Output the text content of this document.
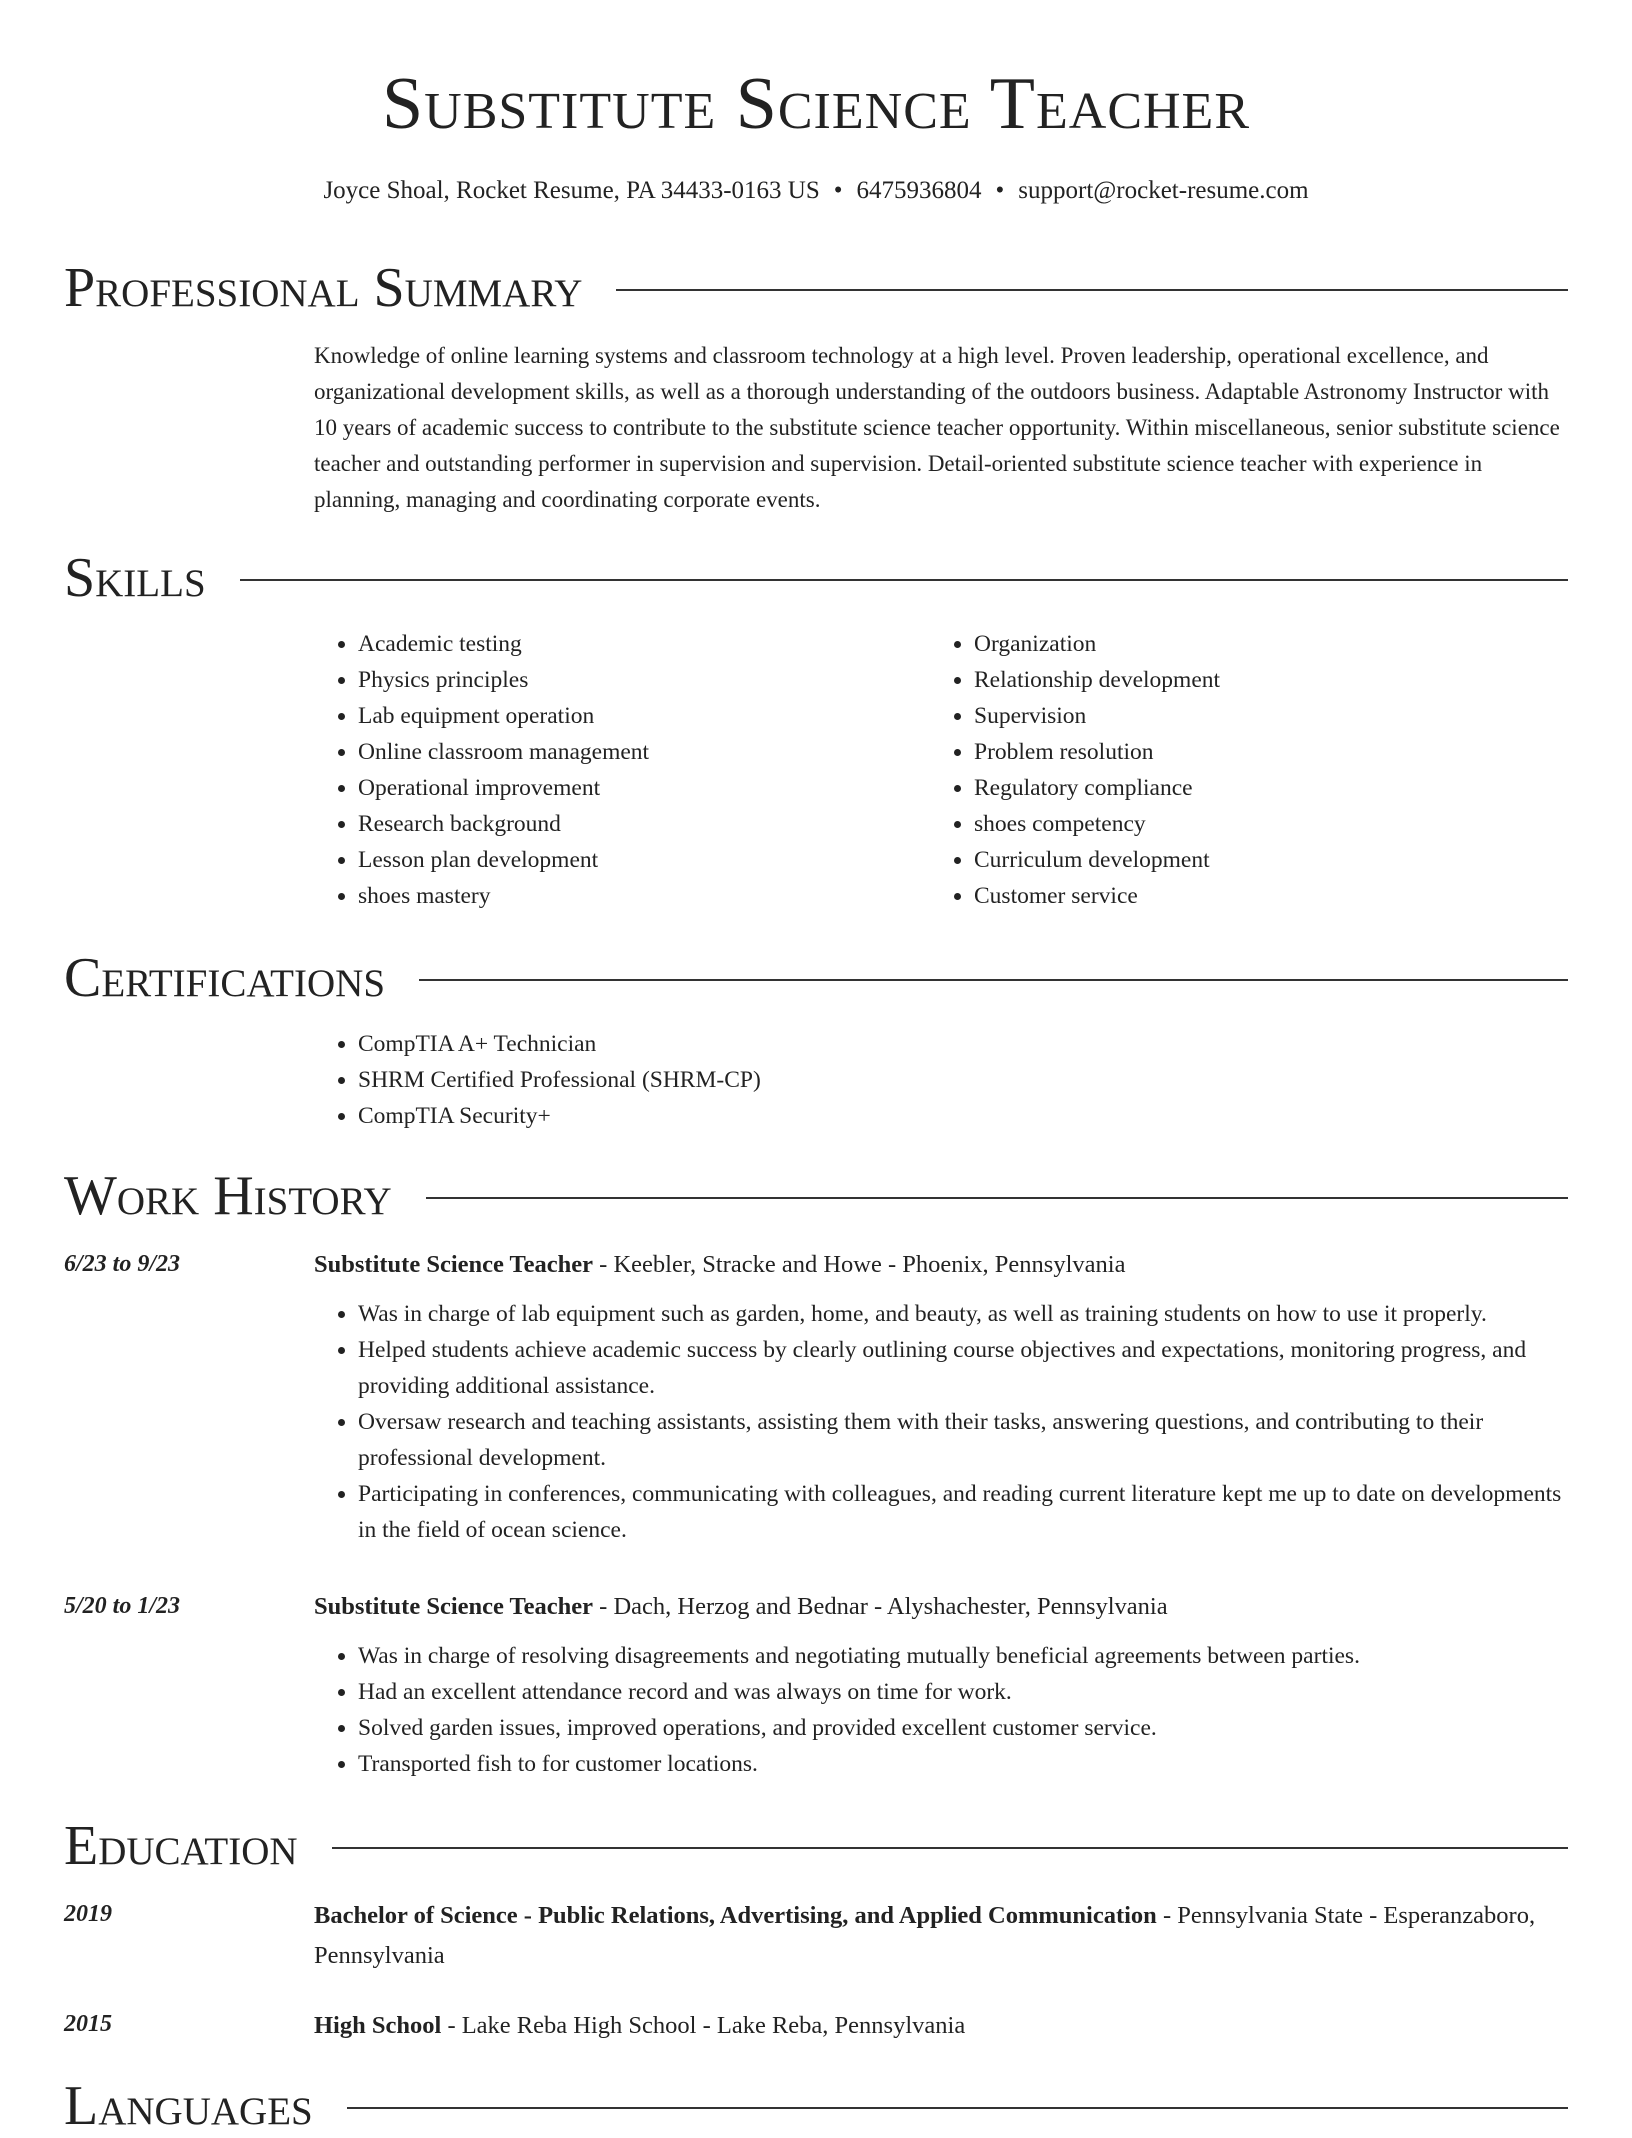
Substitute Science Teacher
Joyce Shoal, Rocket Resume, PA 34433-0163 US • 6475936804 • support@rocket-resume.com
Professional Summary

Knowledge of online learning systems and classroom technology at a high level. Proven leadership, operational excellence, and organizational development skills, as well as a thorough understanding of the outdoors business. Adaptable Astronomy Instructor with 10 years of academic success to contribute to the substitute science teacher opportunity. Within miscellaneous, senior substitute science teacher and outstanding performer in supervision and supervision. Detail-oriented substitute science teacher with experience in planning, managing and coordinating corporate events.

Skills
• Academic testing
• Physics principles
• Lab equipment operation
• Online classroom management
• Operational improvement
• Research background
• Lesson plan development
• shoes mastery
• Organization
• Relationship development
• Supervision
• Problem resolution
• Regulatory compliance
• shoes competency
• Curriculum development
• Customer service
Certifications
• CompTIA A+ Technician
• SHRM Certified Professional (SHRM-CP)
• CompTIA Security+
Work History
6/23 to 9/23	Substitute Science Teacher - Keebler, Stracke and Howe - Phoenix, Pennsylvania
• Was in charge of lab equipment such as garden, home, and beauty, as well as training students on how to use it properly.
• Helped students achieve academic success by clearly outlining course objectives and expectations, monitoring progress, and providing additional assistance.
• Oversaw research and teaching assistants, assisting them with their tasks, answering questions, and contributing to their professional development.
• Participating in conferences, communicating with colleagues, and reading current literature kept me up to date on developments in the field of ocean science.
5/20 to 1/23	Substitute Science Teacher - Dach, Herzog and Bednar - Alyshachester, Pennsylvania
• Was in charge of resolving disagreements and negotiating mutually beneficial agreements between parties.
• Had an excellent attendance record and was always on time for work.
• Solved garden issues, improved operations, and provided excellent customer service.
• Transported fish to for customer locations.
Education
2019	Bachelor of Science - Public Relations, Advertising, and Applied Communication - Pennsylvania State - Esperanzaboro, Pennsylvania
2015	High School - Lake Reba High School - Lake Reba, Pennsylvania
Languages
